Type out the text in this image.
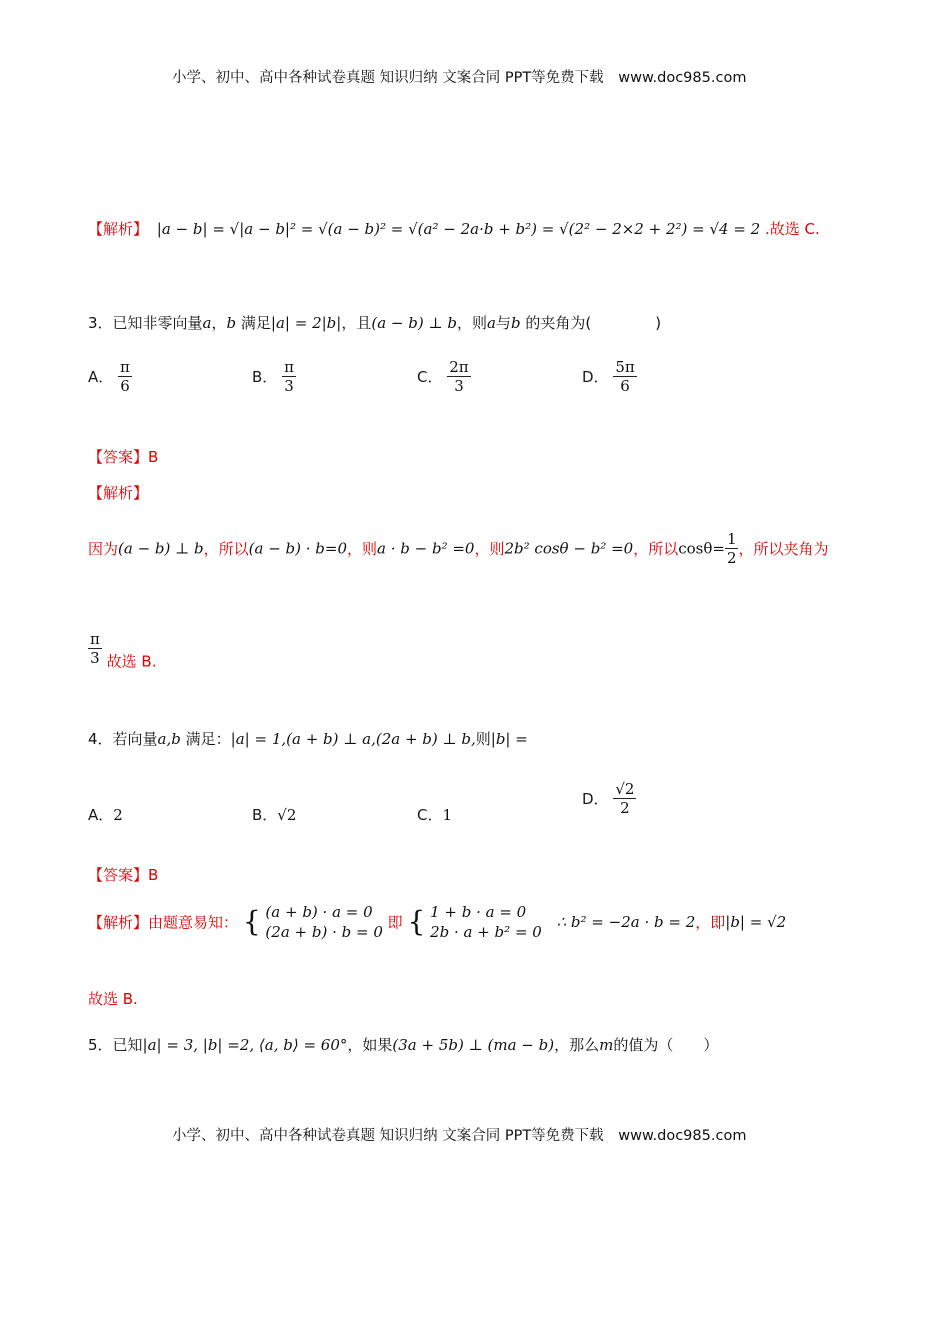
小学、初中、高中各种试卷真题 知识归纳 文案合同 PPT等免费下载 www.doc985.com
【解析】 |a − b| = √|a − b|² = √(a − b)² = √(a² − 2a·b + b²) = √(2² − 2×2 + 2²) = √4 = 2 .故选 C.
3．已知非零向量a，b 满足|a| = 2|b|，且(a − b) ⊥ b，则a与b 的夹角为(	)
A． $\frac{\pi}{6}$	B． $\frac{\pi}{3}$	C． $\frac{2\pi}{3}$	D． $\frac{5\pi}{6}$
【答案】B
【解析】
因为(a − b) ⊥ b，所以(a − b) · b=0，则a · b − b² =0，则2b² cosθ − b² =0，所以$\cos\theta= \frac{1}{2}$ ，所以夹角为
$\frac{\pi}{3}$ 故选 B.
4．若向量a,b 满足：|a| = 1,(a + b) ⊥ a,(2a + b) ⊥ b,则|b| =
A．2	B．√2	C．1
D． $\frac{√2}{2}$
【答案】B
【解析】由题意易知： { (a + b) · a = 0
(2a + b) · b = 0
即 { 1 + b · a = 0
2b · a + b² = 0
∴ b² = −2a · b = 2，即|b| = √2
故选 B.
5．已知|a| = 3, |b| =2, ⟨a, b⟩ = 60°，如果(3a + 5b) ⊥ (ma − b)，那么m的值为（　　）
小学、初中、高中各种试卷真题 知识归纳 文案合同 PPT等免费下载 www.doc985.com
